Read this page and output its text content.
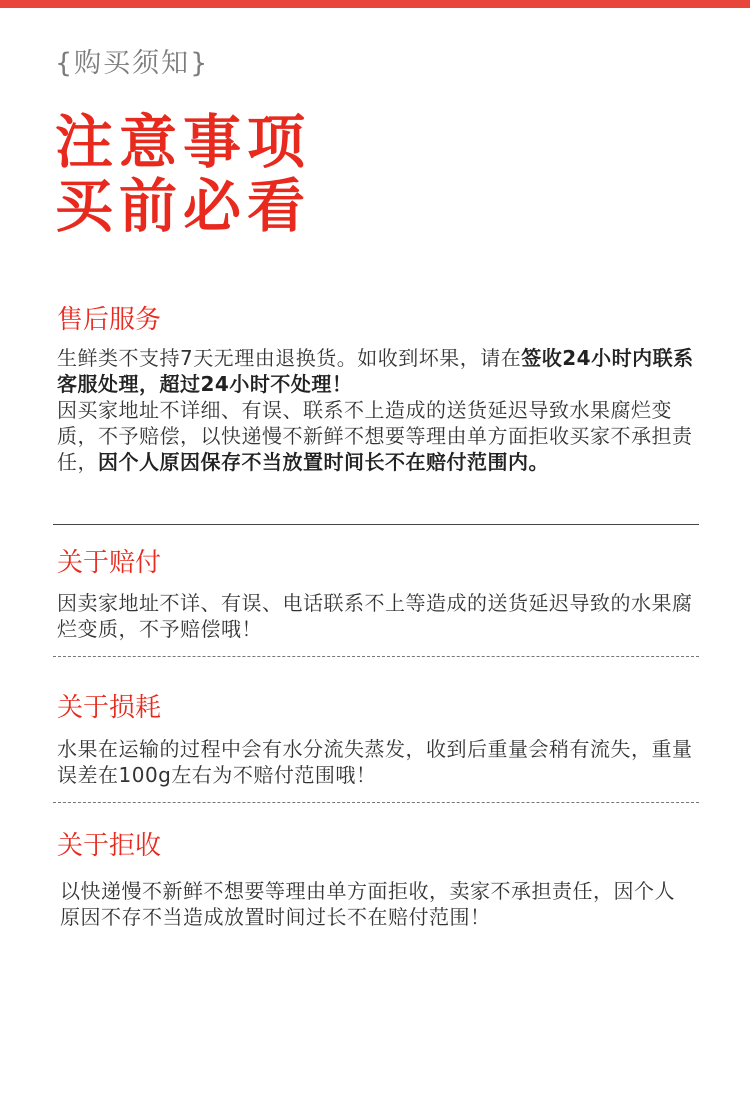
{购买须知}
注意事项
买前必看
售后服务
生鲜类不支持7天无理由退换货。如收到坏果，请在签收24小时内联系客服处理，超过24小时不处理！
因买家地址不详细、有误、联系不上造成的送货延迟导致水果腐烂变质，不予赔偿，以快递慢不新鲜不想要等理由单方面拒收买家不承担责任，因个人原因保存不当放置时间长不在赔付范围内。
关于赔付
因卖家地址不详、有误、电话联系不上等造成的送货延迟导致的水果腐烂变质，不予赔偿哦！
关于损耗
水果在运输的过程中会有水分流失蒸发，收到后重量会稍有流失，重量误差在100g左右为不赔付范围哦！
关于拒收
以快递慢不新鲜不想要等理由单方面拒收，卖家不承担责任，因个人原因不存不当造成放置时间过长不在赔付范围！
